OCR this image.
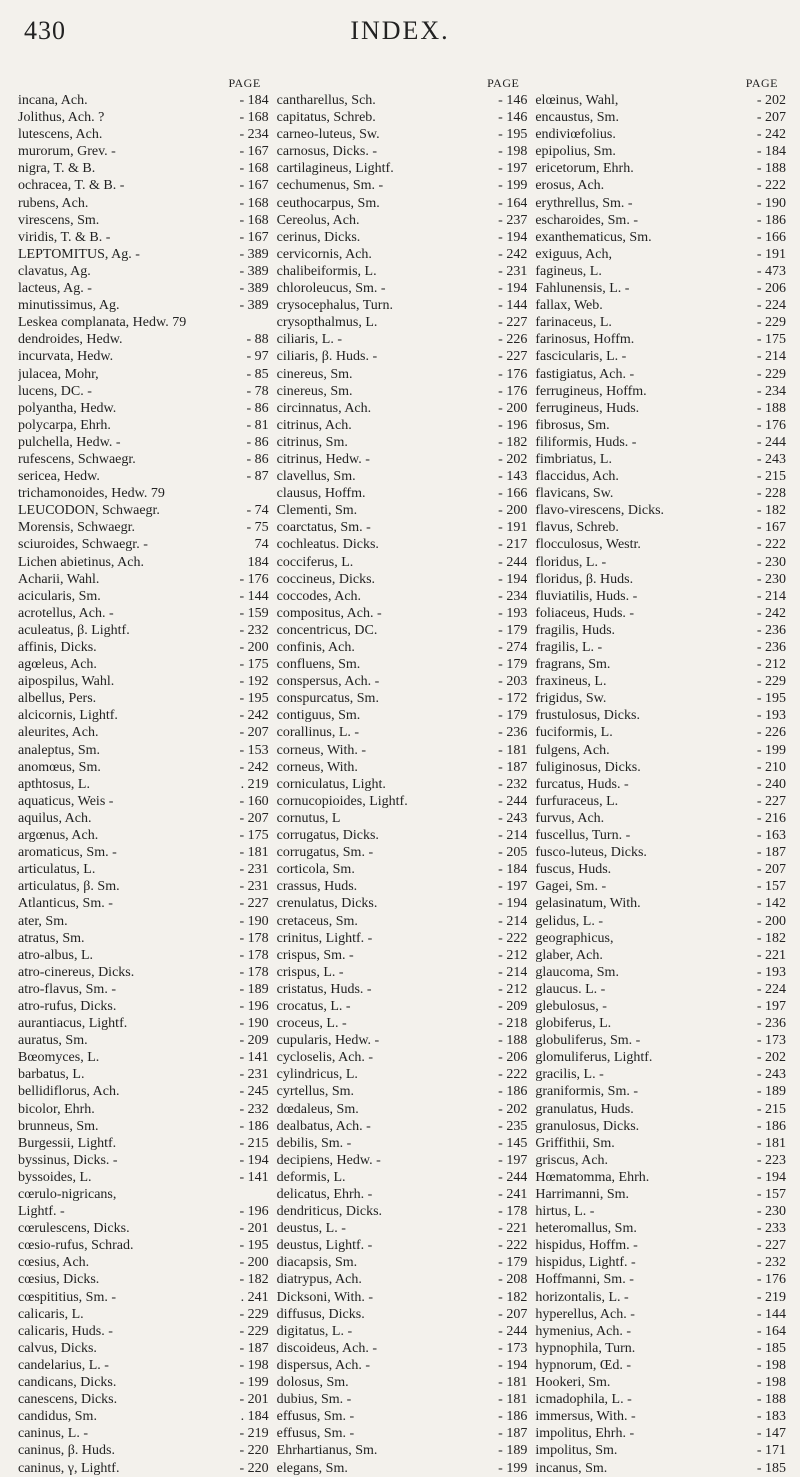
430	INDEX.
PAGE
incana, Ach.	- 184
Jolithus, Ach. ?	- 168
lutescens, Ach.	- 234
murorum, Grev. -	- 167
nigra, T. & B.	- 168
ochracea, T. & B. -	- 167
rubens, Ach.	- 168
virescens, Sm.	- 168
viridis, T. & B. -	- 167
LEPTOMITUS, Ag. -	- 389
clavatus, Ag.	- 389
lacteus, Ag. -	- 389
minutissimus, Ag.	- 389
Leskea complanata, Hedw. 79
dendroides, Hedw.	- 88
incurvata, Hedw.	- 97
julacea, Mohr,	- 85
lucens, DC. -	- 78
polyantha, Hedw.	- 86
polycarpa, Ehrh.	- 81
pulchella, Hedw. -	- 86
rufescens, Schwaegr.	- 86
sericea, Hedw.	- 87
trichamonoides, Hedw. 79
LEUCODON, Schwaegr.	- 74
Morensis, Schwaegr.	- 75
sciuroides, Schwaegr. -	74
Lichen abietinus, Ach.	184
Acharii, Wahl.	- 176
acicularis, Sm.	- 144
acrotellus, Ach. -	- 159
aculeatus, β. Lightf.	- 232
affinis, Dicks.	- 200
agœleus, Ach.	- 175
aipospilus, Wahl.	- 192
albellus, Pers.	- 195
alcicornis, Lightf.	- 242
aleurites, Ach.	- 207
analeptus, Sm.	- 153
anomœus, Sm.	- 242
apthtosus, L.	. 219
aquaticus, Weis -	- 160
aquilus, Ach.	- 207
argœnus, Ach.	- 175
aromaticus, Sm. -	- 181
articulatus, L.	- 231
articulatus, β. Sm.	- 231
Atlanticus, Sm. -	- 227
ater, Sm.	- 190
atratus, Sm.	- 178
atro-albus, L.	- 178
atro-cinereus, Dicks.	- 178
atro-flavus, Sm. -	- 189
atro-rufus, Dicks.	- 196
aurantiacus, Lightf.	- 190
auratus, Sm.	- 209
Bœomyces, L.	- 141
barbatus, L.	- 231
bellidiflorus, Ach.	- 245
bicolor, Ehrh.	- 232
brunneus, Sm.	- 186
Burgessii, Lightf.	- 215
byssinus, Dicks. -	- 194
byssoides, L.	- 141
cœrulo-nigricans,
Lightf. -	- 196
cœrulescens, Dicks.	- 201
cœsio-rufus, Schrad.	- 195
cœsius, Ach.	- 200
cœsius, Dicks.	- 182
cœspititius, Sm. -	. 241
calicaris, L.	- 229
calicaris, Huds. -	- 229
calvus, Dicks.	- 187
candelarius, L. -	- 198
candicans, Dicks.	- 199
canescens, Dicks.	- 201
candidus, Sm.	. 184
caninus, L. -	- 219
caninus, β. Huds.	- 220
caninus, γ, Lightf.	- 220
PAGE
cantharellus, Sch.	- 146
capitatus, Schreb.	- 146
carneo-luteus, Sw.	- 195
carnosus, Dicks. -	- 198
cartilagineus, Lightf.	- 197
cechumenus, Sm. -	- 199
ceuthocarpus, Sm.	- 164
Cereolus, Ach.	- 237
cerinus, Dicks.	- 194
cervicornis, Ach.	- 242
chalibeiformis, L.	- 231
chloroleucus, Sm. -	- 194
crysocephalus, Turn.	- 144
crysopthalmus, L.	- 227
ciliaris, L. -	- 226
ciliaris, β. Huds. -	- 227
cinereus, Sm.	- 176
cinereus, Sm.	- 176
circinnatus, Ach.	- 200
citrinus, Ach.	- 196
citrinus, Sm.	- 182
citrinus, Hedw. -	- 202
clavellus, Sm.	- 143
clausus, Hoffm.	- 166
Clementi, Sm.	- 200
coarctatus, Sm. -	- 191
cochleatus. Dicks.	- 217
cocciferus, L.	- 244
coccineus, Dicks.	- 194
coccodes, Ach.	- 234
compositus, Ach. -	- 193
concentricus, DC.	- 179
confinis, Ach.	- 274
confluens, Sm.	- 179
conspersus, Ach. -	- 203
conspurcatus, Sm.	- 172
contiguus, Sm.	- 179
corallinus, L. -	- 236
corneus, With. -	- 181
corneus, With.	- 187
corniculatus, Light.	- 232
cornucopioides, Lightf.	- 244
cornutus, L	- 243
corrugatus, Dicks.	- 214
corrugatus, Sm. -	- 205
corticola, Sm.	- 184
crassus, Huds.	- 197
crenulatus, Dicks.	- 194
cretaceus, Sm.	- 214
crinitus, Lightf. -	- 222
crispus, Sm. -	- 212
crispus, L. -	- 214
cristatus, Huds. -	- 212
crocatus, L. -	- 209
croceus, L. -	- 218
cupularis, Hedw. -	- 188
cycloselis, Ach. -	- 206
cylindricus, L.	- 222
cyrtellus, Sm.	- 186
dœdaleus, Sm.	- 202
dealbatus, Ach. -	- 235
debilis, Sm. -	- 145
decipiens, Hedw. -	- 197
deformis, L.	- 244
delicatus, Ehrh. -	- 241
dendriticus, Dicks.	- 178
deustus, L. -	- 221
deustus, Lightf. -	- 222
diacapsis, Sm.	- 179
diatrypus, Ach.	- 208
Dicksoni, With. -	- 182
diffusus, Dicks.	- 207
digitatus, L. -	- 244
discoideus, Ach. -	- 173
dispersus, Ach. -	- 194
dolosus, Sm.	- 181
dubius, Sm. -	- 181
effusus, Sm. -	- 186
effusus, Sm. -	- 187
Ehrhartianus, Sm.	- 189
elegans, Sm.	- 199
PAGE
elœinus, Wahl,	- 202
encaustus, Sm.	- 207
endiviœfolius.	- 242
epipolius, Sm.	- 184
ericetorum, Ehrh.	- 188
erosus, Ach.	- 222
erythrellus, Sm. -	- 190
escharoides, Sm. -	- 186
exanthematicus, Sm.	- 166
exiguus, Ach,	- 191
fagineus, L.	- 473
Fahlunensis, L. -	- 206
fallax, Web.	- 224
farinaceus, L.	- 229
farinosus, Hoffm.	- 175
fascicularis, L. -	- 214
fastigiatus, Ach. -	- 229
ferrugineus, Hoffm.	- 234
ferrugineus, Huds.	- 188
fibrosus, Sm.	- 176
filiformis, Huds. -	- 244
fimbriatus, L.	- 243
flaccidus, Ach.	- 215
flavicans, Sw.	- 228
flavo-virescens, Dicks.	- 182
flavus, Schreb.	- 167
flocculosus, Westr.	- 222
floridus, L. -	- 230
floridus, β. Huds.	- 230
fluviatilis, Huds. -	- 214
foliaceus, Huds. -	- 242
fragilis, Huds.	- 236
fragilis, L. -	- 236
fragrans, Sm.	- 212
fraxineus, L.	- 229
frigidus, Sw.	- 195
frustulosus, Dicks.	- 193
fuciformis, L.	- 226
fulgens, Ach.	- 199
fuliginosus, Dicks.	- 210
furcatus, Huds. -	- 240
furfuraceus, L.	- 227
furvus, Ach.	- 216
fuscellus, Turn. -	- 163
fusco-luteus, Dicks.	- 187
fuscus, Huds.	- 207
Gagei, Sm. -	- 157
gelasinatum, With.	- 142
gelidus, L. -	- 200
geographicus,	- 182
glaber, Ach.	- 221
glaucoma, Sm.	- 193
glaucus. L. -	- 224
glebulosus, -	- 197
globiferus, L.	- 236
globuliferus, Sm. -	- 173
glomuliferus, Lightf.	- 202
gracilis, L. -	- 243
graniformis, Sm. -	- 189
granulatus, Huds.	- 215
granulosus, Dicks.	- 186
Griffithii, Sm.	- 181
griscus, Ach.	- 223
Hœmatomma, Ehrh.	- 194
Harrimanni, Sm.	- 157
hirtus, L. -	- 230
heteromallus, Sm.	- 233
hispidus, Hoffm. -	- 227
hispidus, Lightf. -	- 232
Hoffmanni, Sm. -	- 176
horizontalis, L. -	- 219
hyperellus, Ach. -	- 144
hymenius, Ach. -	- 164
hypnophila, Turn.	- 185
hypnorum, Œd. -	- 198
Hookeri, Sm.	- 198
icmadophila, L. -	- 188
immersus, With. -	- 183
impolitus, Ehrh. -	- 147
impolitus, Sm.	- 171
incanus, Sm.	- 185
